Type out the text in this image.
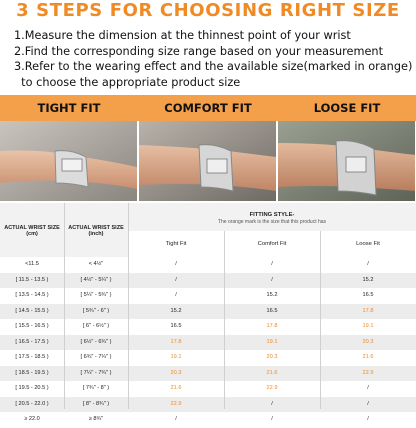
3 STEPS FOR CHOOSING RIGHT SIZE
1.Measure the dimension at the thinnest point of your wrist
2.Find the corresponding size range based on your measurement
3.Refer to the wearing effect and the available size(marked in orange)
to choose the appropriate product size
TIGHT FIT	COMFORT FIT	LOOSE FIT
ACTUAL WRIST SIZE
(cm)
ACTUAL WRIST SIZE
(inch)
FITTING STYLE-
The orange mark is the size that this product has
Tight Fit	Comfort Fit	Loose Fit
<11.5	< 4½"	/	/	/
[ 11.5 - 13.5 )	[ 4½" - 5¼" )	/	/	15.2
[ 13.5 - 14.5 )	[ 5¼" - 5¾" )	/	15.2	16.5
[ 14.5 - 15.5 )	[ 5¾" - 6" )	15.2	16.5	17.8
[ 15.5 - 16.5 )	[ 6" - 6½" )	16.5	17.8	19.1
[ 16.5 - 17.5 )	[ 6½" - 6¾" )	17.8	19.1	20.3
[ 17.5 - 18.5 )	[ 6¾" - 7¼" )	19.1	20.3	21.6
[ 18.5 - 19.5 )	[ 7¼" - 7¾" )	20.3	21.6	22.9
[ 19.5 - 20.5 )	[ 7¾" - 8" )	21.6	22.9	/
[ 20.5 - 22.0 )	[ 8" - 8¾" )	22.9	/	/
≥ 22.0	≥ 8¾"	/	/	/
